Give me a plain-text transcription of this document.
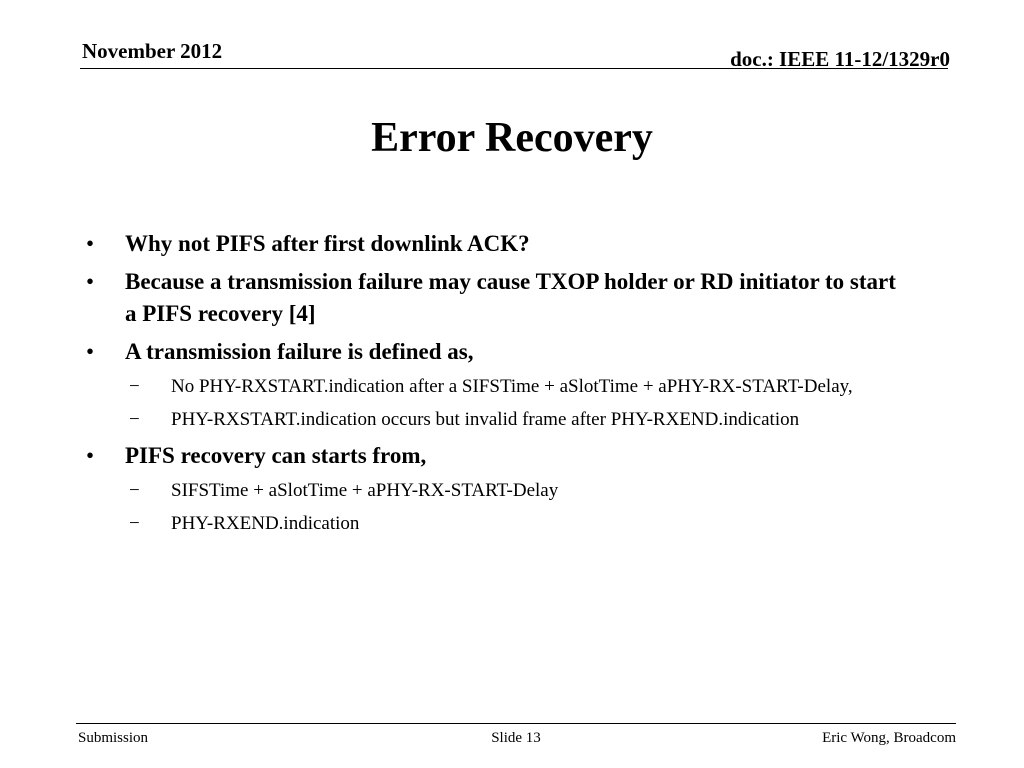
November 2012	doc.: IEEE 11-12/1329r0
Error Recovery
• Why not PIFS after first downlink ACK?
• Because a transmission failure may cause TXOP holder or RD initiator to start a PIFS recovery [4]
• A transmission failure is defined as,
− No PHY-RXSTART.indication after a SIFSTime + aSlotTime + aPHY-RX-START-Delay,
− PHY-RXSTART.indication occurs but invalid frame after PHY-RXEND.indication
• PIFS recovery can starts from,
− SIFSTime + aSlotTime + aPHY-RX-START-Delay
− PHY-RXEND.indication
Submission	Slide 13	Eric Wong, Broadcom
